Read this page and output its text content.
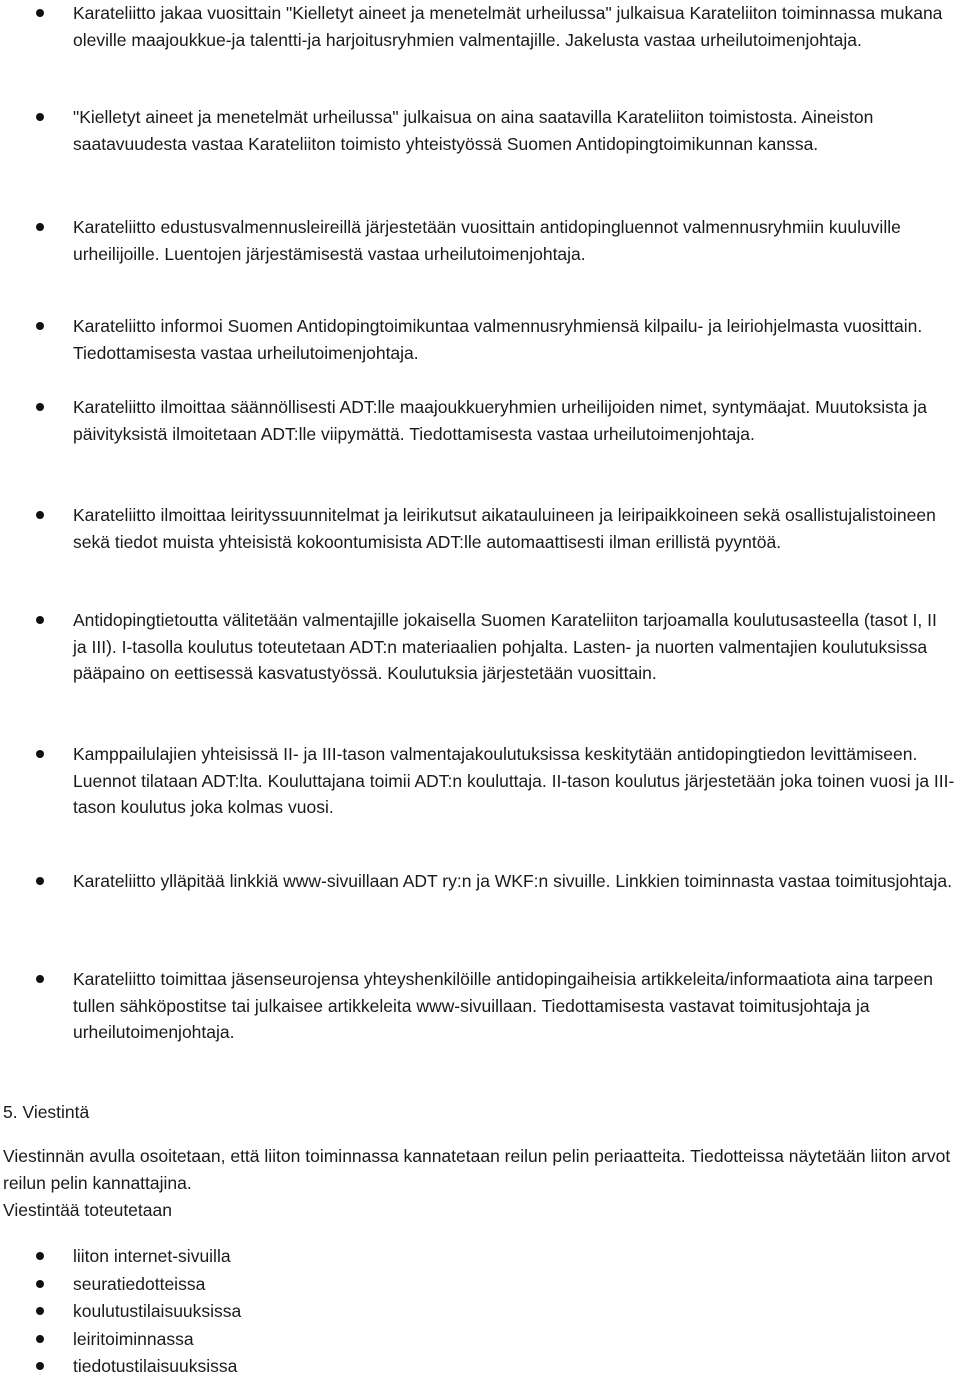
Karateliitto jakaa vuosittain "Kielletyt aineet ja menetelmät urheilussa" julkaisua Karateliiton toiminnassa mukana oleville maajoukkue-ja talentti-ja harjoitusryhmien valmentajille. Jakelusta vastaa urheilutoimenjohtaja.

"Kielletyt aineet ja menetelmät urheilussa" julkaisua on aina saatavilla Karateliiton toimistosta. Aineiston saatavuudesta vastaa Karateliiton toimisto yhteistyössä Suomen Antidopingtoimikunnan kanssa.

Karateliitto edustusvalmennusleireillä järjestetään vuosittain antidopingluennot valmennusryhmiin kuuluville urheilijoille. Luentojen järjestämisestä vastaa urheilutoimenjohtaja.

Karateliitto informoi Suomen Antidopingtoimikuntaa valmennusryhmiensä kilpailu- ja leiriohjelmasta vuosittain. Tiedottamisesta vastaa urheilutoimenjohtaja.

Karateliitto ilmoittaa säännöllisesti ADT:lle maajoukkueryhmien urheilijoiden nimet, syntymäajat. Muutoksista ja päivityksistä ilmoitetaan ADT:lle viipymättä. Tiedottamisesta vastaa urheilutoimenjohtaja.

Karateliitto ilmoittaa leirityssuunnitelmat ja leirikutsut aikatauluineen ja leiripaikkoineen sekä osallistujalistoineen sekä tiedot muista yhteisistä kokoontumisista ADT:lle automaattisesti ilman erillistä pyyntöä.

Antidopingtietoutta välitetään valmentajille jokaisella Suomen Karateliiton tarjoamalla koulutusasteella (tasot I, II ja III). I-tasolla koulutus toteutetaan ADT:n materiaalien pohjalta. Lasten- ja nuorten valmentajien koulutuksissa pääpaino on eettisessä kasvatustyössä. Koulutuksia järjestetään vuosittain.

Kamppailulajien yhteisissä II- ja III-tason valmentajakoulutuksissa keskitytään antidopingtiedon levittämiseen. Luennot tilataan ADT:lta. Kouluttajana toimii ADT:n kouluttaja. II-tason koulutus järjestetään joka toinen vuosi ja III-tason koulutus joka kolmas vuosi.

Karateliitto ylläpitää linkkiä www-sivuillaan ADT ry:n ja WKF:n sivuille. Linkkien toiminnasta vastaa toimitusjohtaja.

Karateliitto toimittaa jäsenseurojensa yhteyshenkilöille antidopingaiheisia artikkeleita/informaatiota aina tarpeen tullen sähköpostitse tai julkaisee artikkeleita www-sivuillaan. Tiedottamisesta vastavat toimitusjohtaja ja urheilutoimenjohtaja.

5. Viestintä

Viestinnän avulla osoitetaan, että liiton toiminnassa kannatetaan reilun pelin periaatteita. Tiedotteissa näytetään liiton arvot reilun pelin kannattajina.

Viestintää toteutetaan

liiton internet-sivuilla
seuratiedotteissa
koulutustilaisuuksissa
leiritoiminnassa
tiedotustilaisuuksissa
